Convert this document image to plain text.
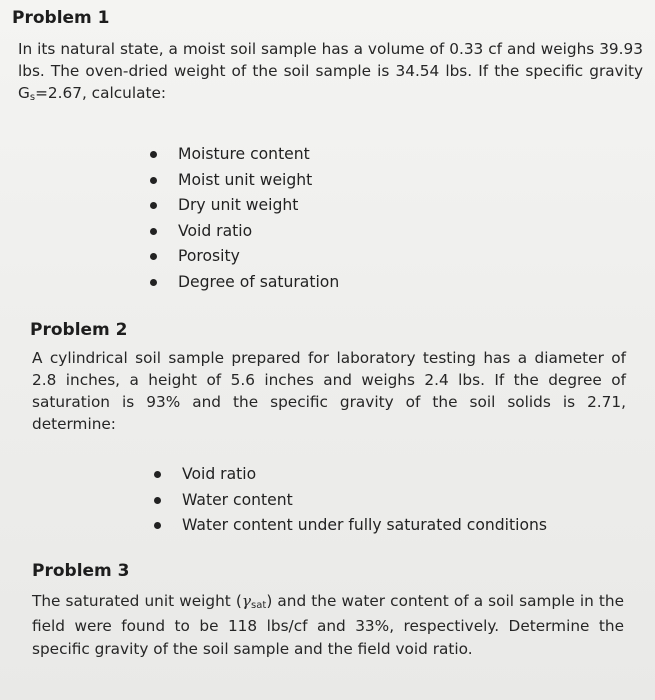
Problem 1
In its natural state, a moist soil sample has a volume of 0.33 cf and weighs 39.93 lbs. The oven-dried weight of the soil sample is 34.54 lbs. If the specific gravity $G_s=2.67$, calculate:
Moisture content
Moist unit weight
Dry unit weight
Void ratio
Porosity
Degree of saturation
Problem 2
A cylindrical soil sample prepared for laboratory testing has a diameter of 2.8 inches, a height of 5.6 inches and weighs 2.4 lbs. If the degree of saturation is 93% and the specific gravity of the soil solids is 2.71, determine:
Void ratio
Water content
Water content under fully saturated conditions
Problem 3
The saturated unit weight $(\gamma_{sat})$ and the water content of a soil sample in the field were found to be 118 lbs/cf and 33%, respectively. Determine the specific gravity of the soil sample and the field void ratio.
